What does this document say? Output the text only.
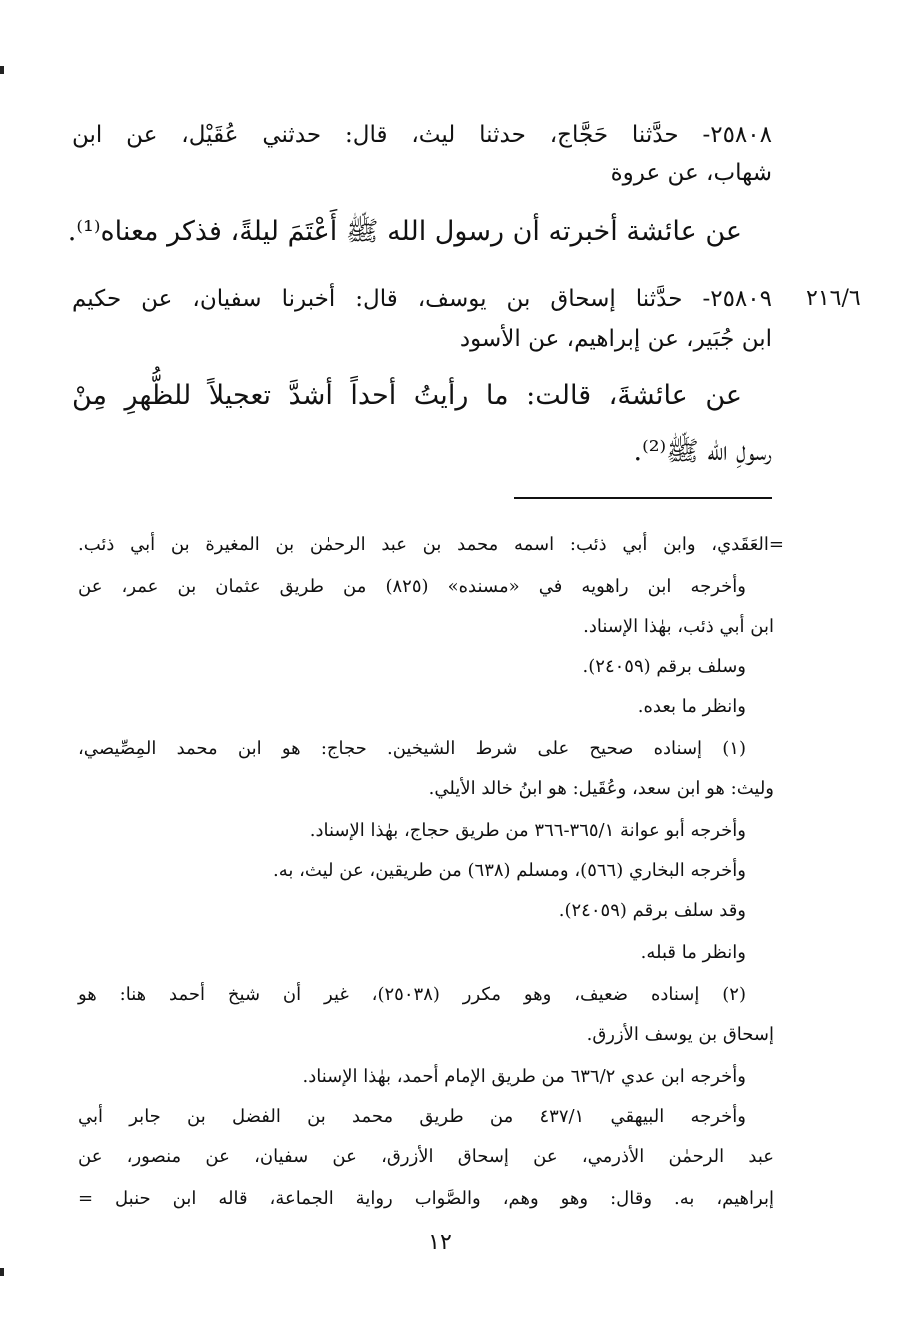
٢١٦/٦
٢٥٨٠٨- حدَّثنا حَجَّاج، حدثنا ليث، قال: حدثني عُقَيْل، عن ابن
شهاب، عن عروة
عن عائشة أخبرته أن رسول الله ﷺ أَعْتَمَ ليلةً، فذكر معناه⁽¹⁾.
٢٥٨٠٩- حدَّثنا إسحاق بن يوسف، قال: أخبرنا سفيان، عن حكيم
ابن جُبَير، عن إبراهيم، عن الأسود
عن عائشةَ، قالت: ما رأيتُ أحداً أشدَّ تعجيلاً للظُّهرِ مِنْ
رسولِ الله ﷺ⁽²⁾.
=العَقَدي، وابن أبي ذئب: اسمه محمد بن عبد الرحمٰن بن المغيرة بن أبي ذئب.
وأخرجه ابن راهويه في «مسنده» (٨٢٥) من طريق عثمان بن عمر، عن
ابن أبي ذئب، بهٰذا الإسناد.
وسلف برقم (٢٤٠٥٩).
وانظر ما بعده.
(١) إسناده صحيح على شرط الشيخين. حجاج: هو ابن محمد المِصِّيصي،
وليث: هو ابن سعد، وعُقَيل: هو ابنُ خالد الأيلي.
وأخرجه أبو عوانة ٣٦٥/١-٣٦٦ من طريق حجاج، بهٰذا الإسناد.
وأخرجه البخاري (٥٦٦)، ومسلم (٦٣٨) من طريقين، عن ليث، به.
وقد سلف برقم (٢٤٠٥٩).
وانظر ما قبله.
(٢) إسناده ضعيف، وهو مكرر (٢٥٠٣٨)، غير أن شيخ أحمد هنا: هو
إسحاق بن يوسف الأزرق.
وأخرجه ابن عدي ٦٣٦/٢ من طريق الإمام أحمد، بهٰذا الإسناد.
وأخرجه البيهقي ٤٣٧/١ من طريق محمد بن الفضل بن جابر أبي
عبد الرحمٰن الأذرمي، عن إسحاق الأزرق، عن سفيان، عن منصور، عن
إبراهيم، به. وقال: وهو وهم، والصَّواب رواية الجماعة، قاله ابن حنبل =
١٢
